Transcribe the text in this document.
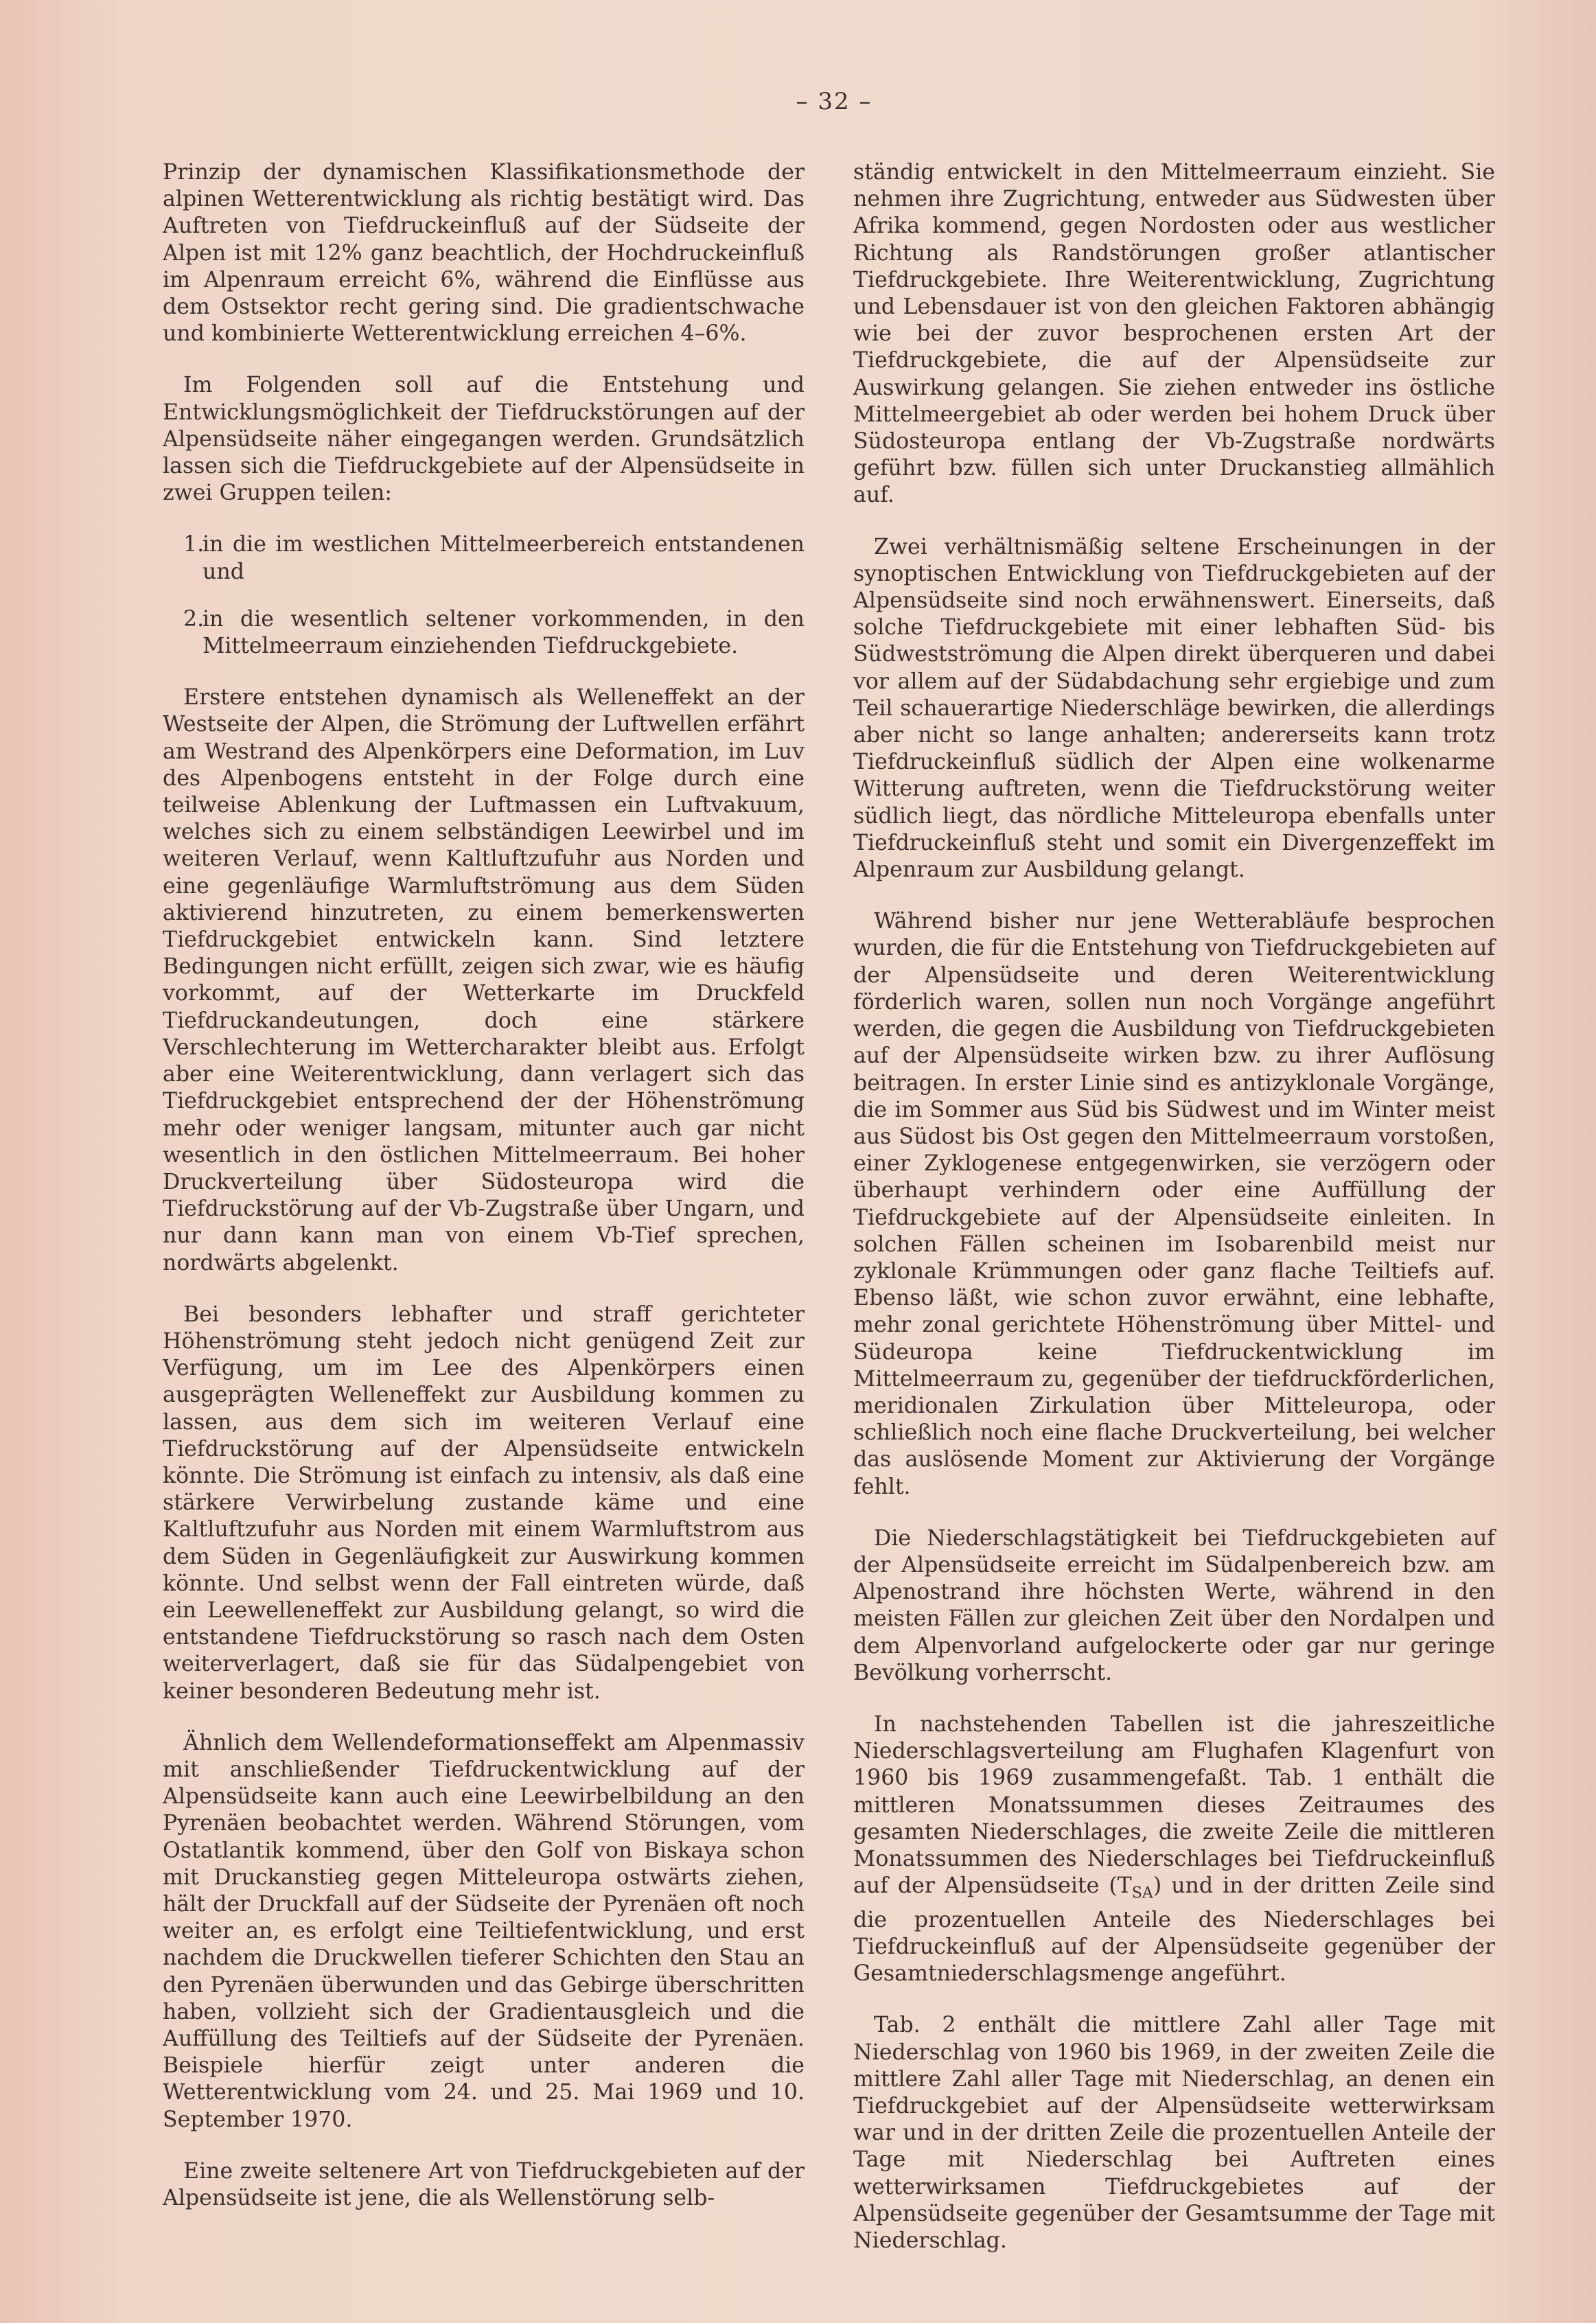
– 32 –

Prinzip der dynamischen Klassifikationsmethode der alpinen Wetterentwicklung als richtig bestätigt wird. Das Auftreten von Tiefdruckeinfluß auf der Südseite der Alpen ist mit 12% ganz beachtlich, der Hochdruckeinfluß im Alpenraum erreicht 6%, während die Einflüsse aus dem Ostsektor recht gering sind. Die gradientschwache und kombinierte Wetterentwicklung erreichen 4–6%.

Im Folgenden soll auf die Entstehung und Entwicklungsmöglichkeit der Tiefdruckstörungen auf der Alpensüdseite näher eingegangen werden. Grundsätzlich lassen sich die Tiefdruckgebiete auf der Alpensüdseite in zwei Gruppen teilen:

1.
in die im westlichen Mittelmeerbereich entstandenen und
2.
in die wesentlich seltener vorkommenden, in den Mittelmeerraum einziehenden Tiefdruckgebiete.

Erstere entstehen dynamisch als Welleneffekt an der Westseite der Alpen, die Strömung der Luftwellen erfährt am Westrand des Alpenkörpers eine Deformation, im Luv des Alpenbogens entsteht in der Folge durch eine teilweise Ablenkung der Luftmassen ein Luftvakuum, welches sich zu einem selbständigen Leewirbel und im weiteren Verlauf, wenn Kaltluftzufuhr aus Norden und eine gegenläufige Warmluftströmung aus dem Süden aktivierend hinzutreten, zu einem bemerkenswerten Tiefdruckgebiet entwickeln kann. Sind letztere Bedingungen nicht erfüllt, zeigen sich zwar, wie es häufig vorkommt, auf der Wetterkarte im Druckfeld Tiefdruckandeutungen, doch eine stärkere Verschlechterung im Wettercharakter bleibt aus. Erfolgt aber eine Weiterentwicklung, dann verlagert sich das Tiefdruckgebiet entsprechend der der Höhenströmung mehr oder weniger langsam, mitunter auch gar nicht wesentlich in den östlichen Mittelmeerraum. Bei hoher Druckverteilung über Südosteuropa wird die Tiefdruckstörung auf der Vb-Zugstraße über Ungarn, und nur dann kann man von einem Vb-Tief sprechen, nordwärts abgelenkt.

Bei besonders lebhafter und straff gerichteter Höhenströmung steht jedoch nicht genügend Zeit zur Verfügung, um im Lee des Alpenkörpers einen ausgeprägten Welleneffekt zur Ausbildung kommen zu lassen, aus dem sich im weiteren Verlauf eine Tiefdruckstörung auf der Alpensüdseite entwickeln könnte. Die Strömung ist einfach zu intensiv, als daß eine stärkere Verwirbelung zustande käme und eine Kaltluftzufuhr aus Norden mit einem Warmluftstrom aus dem Süden in Gegenläufigkeit zur Auswirkung kommen könnte. Und selbst wenn der Fall eintreten würde, daß ein Leewelleneffekt zur Ausbildung gelangt, so wird die entstandene Tiefdruckstörung so rasch nach dem Osten weiterverlagert, daß sie für das Südalpengebiet von keiner besonderen Bedeutung mehr ist.

Ähnlich dem Wellendeformationseffekt am Alpenmassiv mit anschließender Tiefdruckentwicklung auf der Alpensüdseite kann auch eine Leewirbelbildung an den Pyrenäen beobachtet werden. Während Störungen, vom Ostatlantik kommend, über den Golf von Biskaya schon mit Druckanstieg gegen Mitteleuropa ostwärts ziehen, hält der Druckfall auf der Südseite der Pyrenäen oft noch weiter an, es erfolgt eine Teiltiefentwicklung, und erst nachdem die Druckwellen tieferer Schichten den Stau an den Pyrenäen überwunden und das Gebirge überschritten haben, vollzieht sich der Gradientausgleich und die Auffüllung des Teiltiefs auf der Südseite der Pyrenäen. Beispiele hierfür zeigt unter anderen die Wetterentwicklung vom 24. und 25. Mai 1969 und 10. September 1970.

Eine zweite seltenere Art von Tiefdruckgebieten auf der Alpensüdseite ist jene, die als Wellenstörung selb-

ständig entwickelt in den Mittelmeerraum einzieht. Sie nehmen ihre Zugrichtung, entweder aus Südwesten über Afrika kommend, gegen Nordosten oder aus westlicher Richtung als Randstörungen großer atlantischer Tiefdruckgebiete. Ihre Weiterentwicklung, Zugrichtung und Lebensdauer ist von den gleichen Faktoren abhängig wie bei der zuvor besprochenen ersten Art der Tiefdruckgebiete, die auf der Alpensüdseite zur Auswirkung gelangen. Sie ziehen entweder ins östliche Mittelmeergebiet ab oder werden bei hohem Druck über Südosteuropa entlang der Vb-Zugstraße nordwärts geführt bzw. füllen sich unter Druckanstieg allmählich auf.

Zwei verhältnismäßig seltene Erscheinungen in der synoptischen Entwicklung von Tiefdruckgebieten auf der Alpensüdseite sind noch erwähnenswert. Einerseits, daß solche Tiefdruckgebiete mit einer lebhaften Süd- bis Südwestströmung die Alpen direkt überqueren und dabei vor allem auf der Südabdachung sehr ergiebige und zum Teil schauerartige Niederschläge bewirken, die allerdings aber nicht so lange anhalten; andererseits kann trotz Tiefdruckeinfluß südlich der Alpen eine wolkenarme Witterung auftreten, wenn die Tiefdruckstörung weiter südlich liegt, das nördliche Mitteleuropa ebenfalls unter Tiefdruckeinfluß steht und somit ein Divergenzeffekt im Alpenraum zur Ausbildung gelangt.

Während bisher nur jene Wetterabläufe besprochen wurden, die für die Entstehung von Tiefdruckgebieten auf der Alpensüdseite und deren Weiterentwicklung förderlich waren, sollen nun noch Vorgänge angeführt werden, die gegen die Ausbildung von Tiefdruckgebieten auf der Alpensüdseite wirken bzw. zu ihrer Auflösung beitragen. In erster Linie sind es antizyklonale Vorgänge, die im Sommer aus Süd bis Südwest und im Winter meist aus Südost bis Ost gegen den Mittelmeerraum vorstoßen, einer Zyklogenese entgegenwirken, sie verzögern oder überhaupt verhindern oder eine Auffüllung der Tiefdruckgebiete auf der Alpensüdseite einleiten. In solchen Fällen scheinen im Isobarenbild meist nur zyklonale Krümmungen oder ganz flache Teiltiefs auf. Ebenso läßt, wie schon zuvor erwähnt, eine lebhafte, mehr zonal gerichtete Höhenströmung über Mittel- und Südeuropa keine Tiefdruckentwicklung im Mittelmeerraum zu, gegenüber der tiefdruckförderlichen, meridionalen Zirkulation über Mitteleuropa, oder schließlich noch eine flache Druckverteilung, bei welcher das auslösende Moment zur Aktivierung der Vorgänge fehlt.

Die Niederschlagstätigkeit bei Tiefdruckgebieten auf der Alpensüdseite erreicht im Südalpenbereich bzw. am Alpenostrand ihre höchsten Werte, während in den meisten Fällen zur gleichen Zeit über den Nordalpen und dem Alpenvorland aufgelockerte oder gar nur geringe Bevölkung vorherrscht.

In nachstehenden Tabellen ist die jahreszeitliche Niederschlagsverteilung am Flughafen Klagenfurt von 1960 bis 1969 zusammengefaßt. Tab. 1 enthält die mittleren Monatssummen dieses Zeitraumes des gesamten Niederschlages, die zweite Zeile die mittleren Monatssummen des Niederschlages bei Tiefdruckeinfluß auf der Alpensüdseite $(T_{SA})$ und in der dritten Zeile sind die prozentuellen Anteile des Niederschlages bei Tiefdruckeinfluß auf der Alpensüdseite gegenüber der Gesamtniederschlagsmenge angeführt.

Tab. 2 enthält die mittlere Zahl aller Tage mit Niederschlag von 1960 bis 1969, in der zweiten Zeile die mittlere Zahl aller Tage mit Niederschlag, an denen ein Tiefdruckgebiet auf der Alpensüdseite wetterwirksam war und in der dritten Zeile die prozentuellen Anteile der Tage mit Niederschlag bei Auftreten eines wetterwirksamen Tiefdruckgebietes auf der Alpensüdseite gegenüber der Gesamtsumme der Tage mit Niederschlag.
